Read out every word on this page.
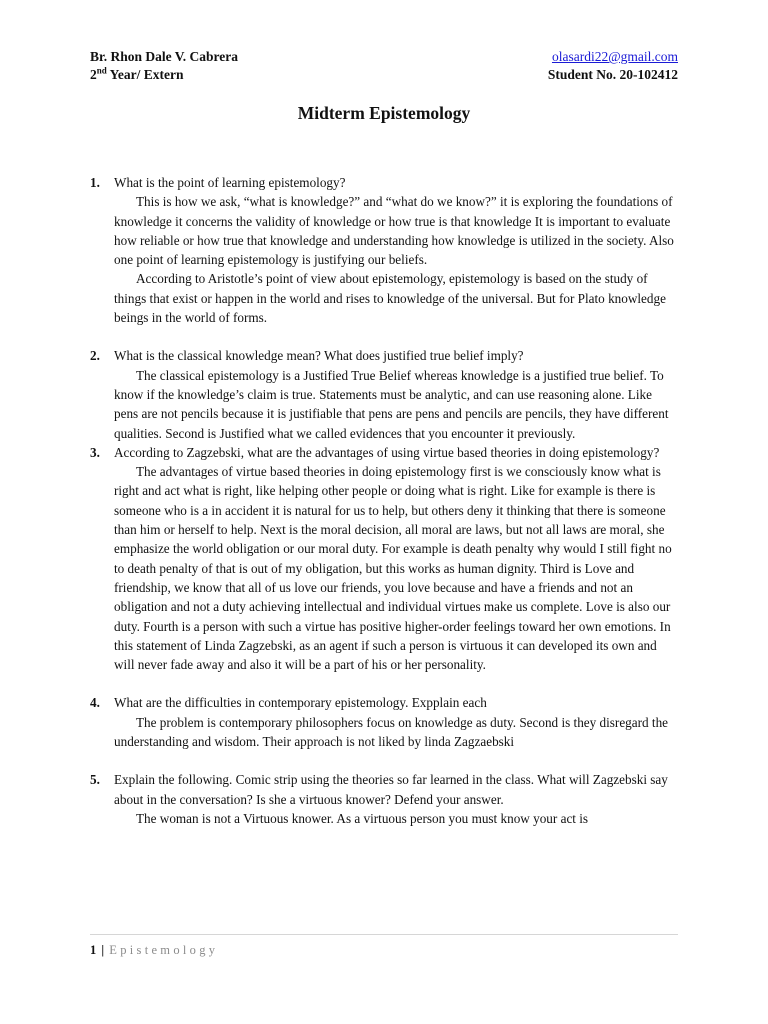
Br. Rhon Dale V. Cabrera	olasardi22@gmail.com
2nd Year/ Extern	Student No. 20-102412
Midterm Epistemology
1.	What is the point of learning epistemology?

This is how we ask, “what is knowledge?” and “what do we know?” it is exploring the foundations of knowledge it concerns the validity of knowledge or how true is that knowledge It is important to evaluate how reliable or how true that knowledge and understanding how knowledge is utilized in the society. Also one point of learning epistemology is justifying our beliefs.

According to Aristotle’s point of view about epistemology, epistemology is based on the study of things that exist or happen in the world and rises to knowledge of the universal. But for Plato knowledge beings in the world of forms.

2.	What is the classical knowledge mean? What does justified true belief imply?

The classical epistemology is a Justified True Belief whereas knowledge is a justified true belief. To know if the knowledge’s claim is true. Statements must be analytic, and can use reasoning alone. Like pens are not pencils because it is justifiable that pens are pens and pencils are pencils, they have different qualities. Second is Justified what we called evidences that you encounter it previously.

3.	According to Zagzebski, what are the advantages of using virtue based theories in doing epistemology?

The advantages of virtue based theories in doing epistemology first is we consciously know what is right and act what is right, like helping other people or doing what is right. Like for example is there is someone who is a in accident it is natural for us to help, but others deny it thinking that there is someone than him or herself to help. Next is the moral decision, all moral are laws, but not all laws are moral, she emphasize the world obligation or our moral duty. For example is death penalty why would I still fight no to death penalty of that is out of my obligation, but this works as human dignity. Third is Love and friendship, we know that all of us love our friends, you love because and have a friends and not an obligation and not a duty achieving intellectual and individual virtues make us complete. Love is also our duty. Fourth is a person with such a virtue has positive higher-order feelings toward her own emotions. In this statement of Linda Zagzebski, as an agent if such a person is virtuous it can developed its own and will never fade away and also it will be a part of his or her personality.

4.	What are the difficulties in contemporary epistemology. Expplain each

The problem is contemporary philosophers focus on knowledge as duty. Second is they disregard the understanding and wisdom. Their approach is not liked by linda Zagzaebski

5.	Explain the following. Comic strip using the theories so far learned in the class. What will Zagzebski say about in the conversation? Is she a virtuous knower? Defend your answer.

The woman is not a Virtuous knower. As a virtuous person you must know your act is

1 | Epistemology
